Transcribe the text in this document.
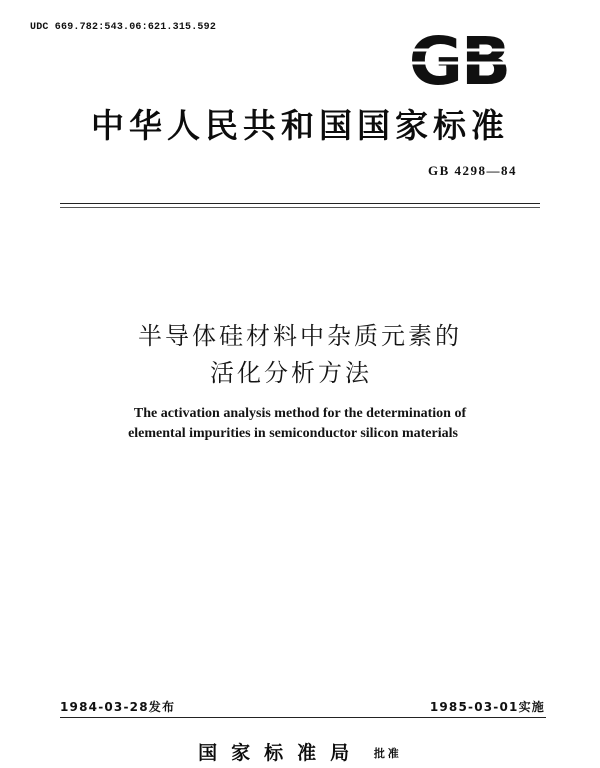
UDC 669.782:543.06:621.315.592	GB
中华人民共和国国家标准
GB 4298—84
半导体硅材料中杂质元素的
活化分析方法
The activation analysis method for the determination of
elemental impurities in semiconductor silicon materials
1984-03-28发布	1985-03-01实施
国家标准局 批准
